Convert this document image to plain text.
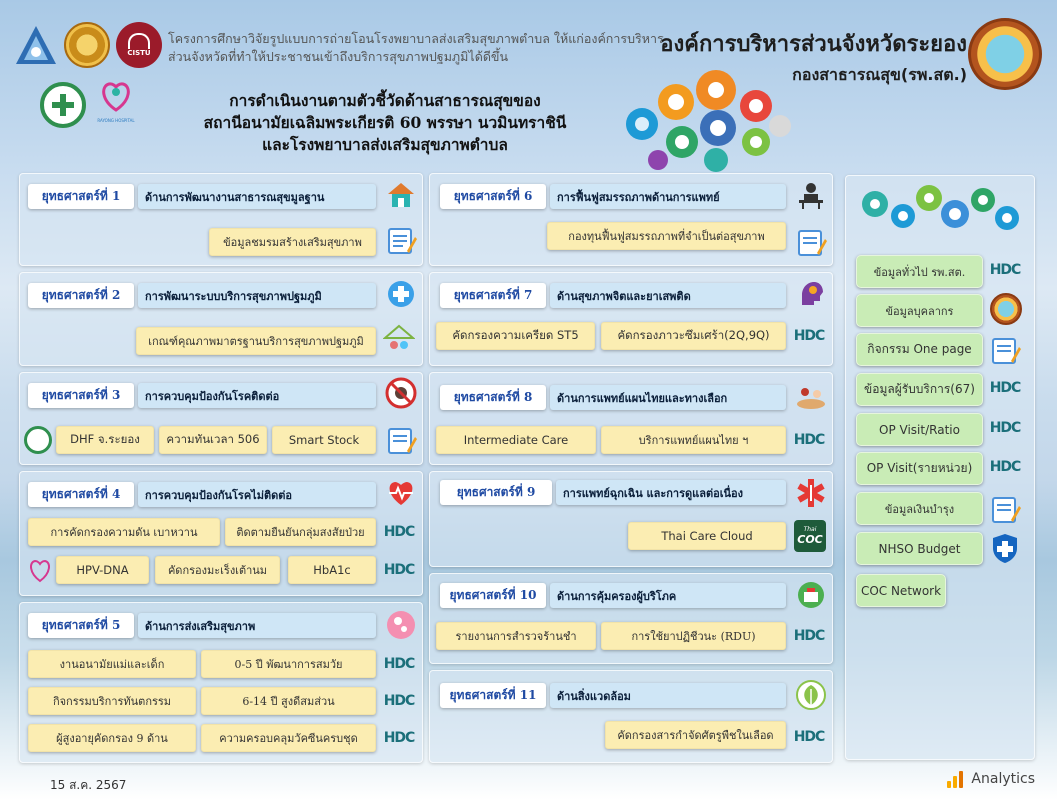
CISTU
RAYONG HOSPITAL
โครงการศึกษาวิจัยรูปแบบการถ่ายโอนโรงพยาบาลส่งเสริมสุขภาพตำบล ให้แก่องค์การบริหาร
ส่วนจังหวัดที่ทำให้ประชาชนเข้าถึงบริการสุขภาพปฐมภูมิได้ดีขึ้น	องค์การบริหารส่วนจังหวัดระยอง
กองสาธารณสุข(รพ.สต.)
การดำเนินงานตามตัวชี้วัดด้านสาธารณสุขของ
สถานีอนามัยเฉลิมพระเกียรติ 60 พรรษา นวมินทราชินี
และโรงพยาบาลส่งเสริมสุขภาพตำบล
ยุทธศาสตร์ที่ 1	ด้านการพัฒนางานสาธารณสุขมูลฐาน
ข้อมูลชมรมสร้างเสริมสุขภาพ
ยุทธศาสตร์ที่ 2	การพัฒนาระบบบริการสุขภาพปฐมภูมิ
เกณฑ์คุณภาพมาตรฐานบริการสุขภาพปฐมภูมิ
ยุทธศาสตร์ที่ 3	การควบคุมป้องกันโรคติดต่อ
DHF จ.ระยอง	ความทันเวลา 506	Smart Stock
ยุทธศาสตร์ที่ 4	การควบคุมป้องกันโรคไม่ติดต่อ
การคัดกรองความดัน เบาหวาน	ติดตามยืนยันกลุ่มสงสัยป่วย	HDC
HPV-DNA	คัดกรองมะเร็งเต้านม	HbA1c	HDC
ยุทธศาสตร์ที่ 5	ด้านการส่งเสริมสุขภาพ
งานอนามัยแม่และเด็ก	0-5 ปี พัฒนาการสมวัย	HDC
กิจกรรมบริการทันตกรรม	6-14 ปี สูงดีสมส่วน	HDC
ผู้สูงอายุคัดกรอง 9 ด้าน	ความครอบคลุมวัคซีนครบชุด	HDC
ยุทธศาสตร์ที่ 6	การฟื้นฟูสมรรถภาพด้านการแพทย์
กองทุนฟื้นฟูสมรรถภาพที่จำเป็นต่อสุขภาพ
ยุทธศาสตร์ที่ 7	ด้านสุขภาพจิตและยาเสพติด
คัดกรองความเครียด ST5	คัดกรองภาวะซึมเศร้า(2Q,9Q)	HDC
ยุทธศาสตร์ที่ 8	ด้านการแพทย์แผนไทยและทางเลือก
Intermediate Care	บริการแพทย์แผนไทย ฯ	HDC
ยุทธศาสตร์ที่ 9	การแพทย์ฉุกเฉิน และการดูแลต่อเนื่อง
Thai Care Cloud	Thai
COC
ยุทธศาสตร์ที่ 10	ด้านการคุ้มครองผู้บริโภค
รายงานการสำรวจร้านชำ	การใช้ยาปฏิชีวนะ (RDU)	HDC
ยุทธศาสตร์ที่ 11	ด้านสิ่งแวดล้อม
คัดกรองสารกำจัดศัตรูพืชในเลือด	HDC
ข้อมูลทั่วไป รพ.สต.	HDC
ข้อมูลบุคลากร
กิจกรรม One page
ข้อมูลผู้รับบริการ(67)	HDC
OP Visit/Ratio	HDC
OP Visit(รายหน่วย)	HDC
ข้อมูลเงินบำรุง
NHSO Budget
COC Network
15 ส.ค. 2567	Analytics
